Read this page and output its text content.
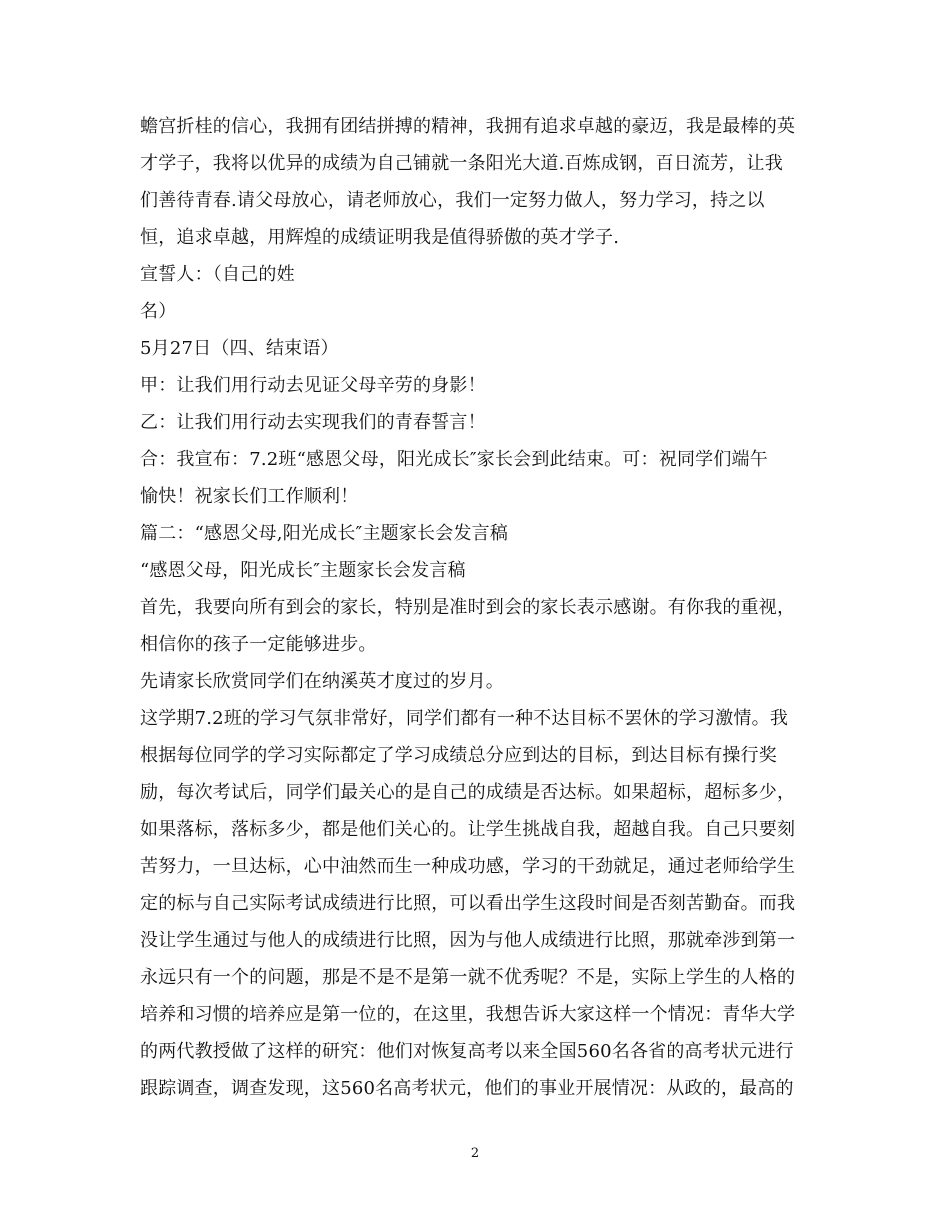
蟾宫折桂的信心，我拥有团结拼搏的精神，我拥有追求卓越的豪迈，我是最棒的英
才学子，我将以优异的成绩为自己铺就一条阳光大道.百炼成钢，百日流芳，让我
们善待青春.请父母放心，请老师放心，我们一定努力做人，努力学习，持之以
恒，追求卓越，用辉煌的成绩证明我是值得骄傲的英才学子.
宣誓人：（自己的姓
名）
5月27日（四、结束语）
甲：让我们用行动去见证父母辛劳的身影！
乙：让我们用行动去实现我们的青春誓言！
合：我宣布：7.2班“感恩父母，阳光成长″家长会到此结束。可：祝同学们端午
愉快！祝家长们工作顺利！
篇二：“感恩父母,阳光成长″主题家长会发言稿
“感恩父母，阳光成长″主题家长会发言稿
首先，我要向所有到会的家长，特别是准时到会的家长表示感谢。有你我的重视，
相信你的孩子一定能够进步。
先请家长欣赏同学们在纳溪英才度过的岁月。
这学期7.2班的学习气氛非常好，同学们都有一种不达目标不罢休的学习激情。我
根据每位同学的学习实际都定了学习成绩总分应到达的目标，到达目标有操行奖
励，每次考试后，同学们最关心的是自己的成绩是否达标。如果超标，超标多少，
如果落标，落标多少，都是他们关心的。让学生挑战自我，超越自我。自己只要刻
苦努力，一旦达标，心中油然而生一种成功感，学习的干劲就足，通过老师给学生
定的标与自己实际考试成绩进行比照，可以看出学生这段时间是否刻苦勤奋。而我
没让学生通过与他人的成绩进行比照，因为与他人成绩进行比照，那就牵涉到第一
永远只有一个的问题，那是不是不是第一就不优秀呢？不是，实际上学生的人格的
培养和习惯的培养应是第一位的，在这里，我想告诉大家这样一个情况：青华大学
的两代教授做了这样的研究：他们对恢复高考以来全国560名各省的高考状元进行
跟踪调查，调查发现，这560名高考状元，他们的事业开展情况：从政的，最高的
2
